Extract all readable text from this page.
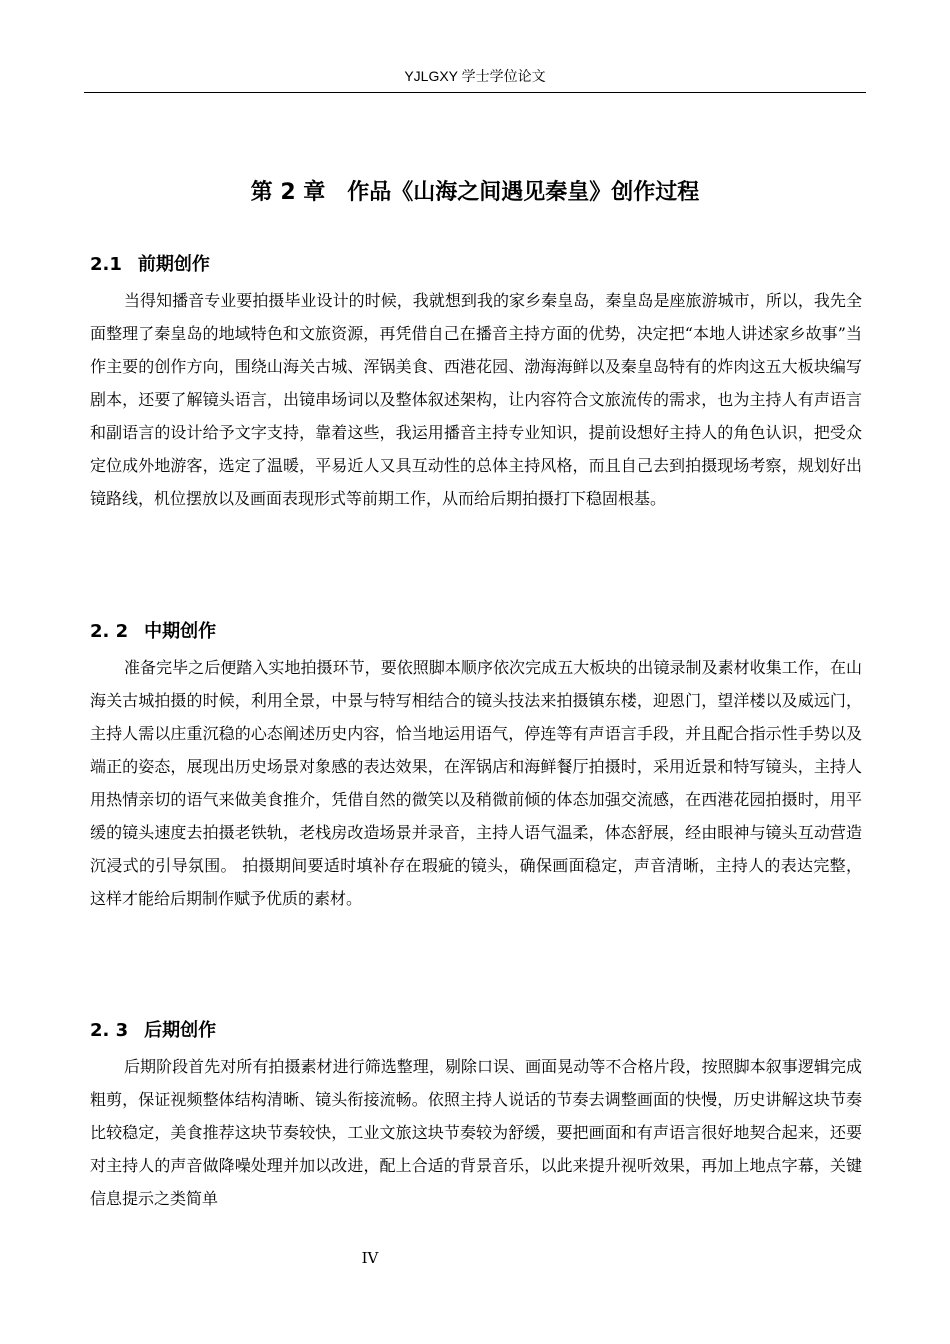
YJLGXY 学士学位论文
第 2 章　作品《山海之间遇见秦皇》创作过程
2.1 前期创作

当得知播音专业要拍摄毕业设计的时候，我就想到我的家乡秦皇岛，秦皇岛是座旅游城市，所以，我先全面整理了秦皇岛的地域特色和文旅资源，再凭借自己在播音主持方面的优势，决定把“本地人讲述家乡故事”当作主要的创作方向，围绕山海关古城、浑锅美食、西港花园、渤海海鲜以及秦皇岛特有的炸肉这五大板块编写剧本，还要了解镜头语言，出镜串场词以及整体叙述架构，让内容符合文旅流传的需求，也为主持人有声语言和副语言的设计给予文字支持，靠着这些，我运用播音主持专业知识，提前设想好主持人的角色认识，把受众定位成外地游客，选定了温暖，平易近人又具互动性的总体主持风格，而且自己去到拍摄现场考察，规划好出镜路线，机位摆放以及画面表现形式等前期工作，从而给后期拍摄打下稳固根基。

2. 2 中期创作

准备完毕之后便踏入实地拍摄环节，要依照脚本顺序依次完成五大板块的出镜录制及素材收集工作，在山海关古城拍摄的时候，利用全景，中景与特写相结合的镜头技法来拍摄镇东楼，迎恩门，望洋楼以及威远门，主持人需以庄重沉稳的心态阐述历史内容，恰当地运用语气，停连等有声语言手段，并且配合指示性手势以及端正的姿态，展现出历史场景对象感的表达效果，在浑锅店和海鲜餐厅拍摄时，采用近景和特写镜头，主持人用热情亲切的语气来做美食推介，凭借自然的微笑以及稍微前倾的体态加强交流感，在西港花园拍摄时，用平缓的镜头速度去拍摄老铁轨，老栈房改造场景并录音，主持人语气温柔，体态舒展，经由眼神与镜头互动营造沉浸式的引导氛围。 拍摄期间要适时填补存在瑕疵的镜头，确保画面稳定，声音清晰，主持人的表达完整，这样才能给后期制作赋予优质的素材。

2. 3 后期创作

后期阶段首先对所有拍摄素材进行筛选整理，剔除口误、画面晃动等不合格片段，按照脚本叙事逻辑完成粗剪，保证视频整体结构清晰、镜头衔接流畅。依照主持人说话的节奏去调整画面的快慢，历史讲解这块节奏比较稳定，美食推荐这块节奏较快，工业文旅这块节奏较为舒缓，要把画面和有声语言很好地契合起来，还要对主持人的声音做降噪处理并加以改进，配上合适的背景音乐，以此来提升视听效果，再加上地点字幕，关键信息提示之类简单

IV
